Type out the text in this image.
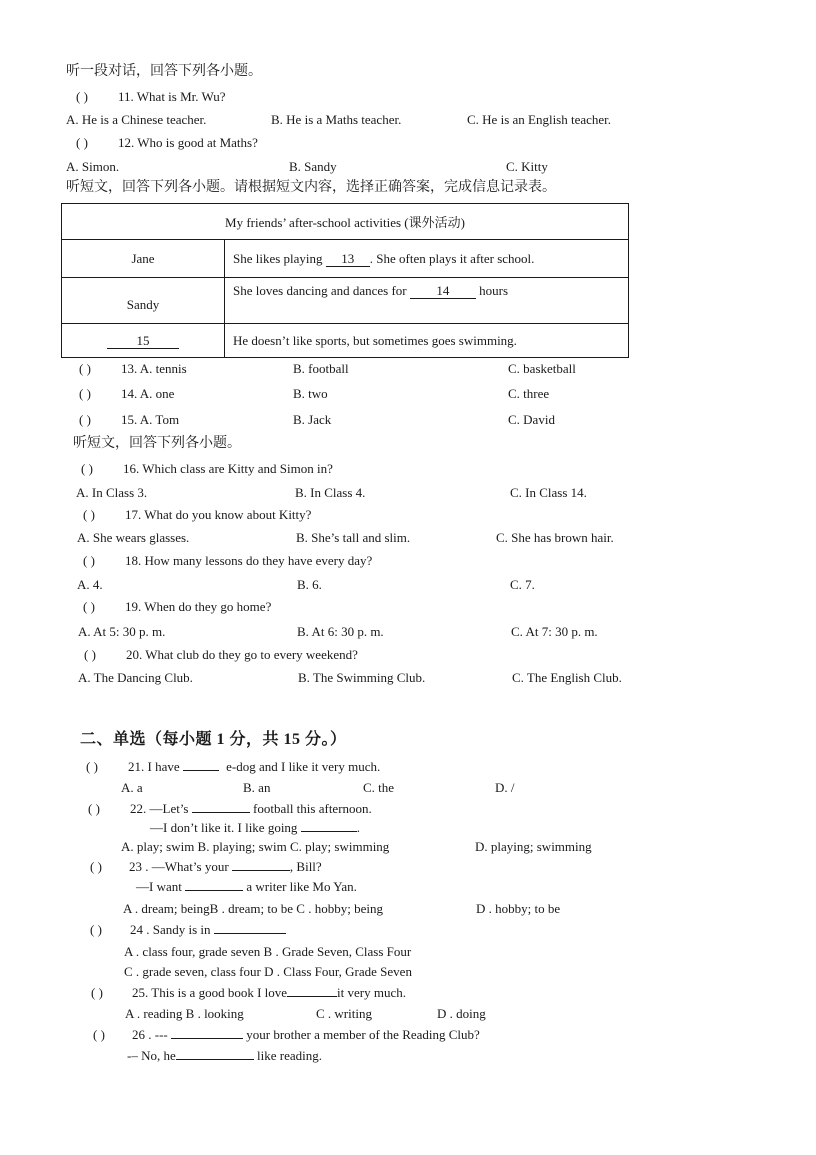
听一段对话，回答下列各小题。
( ) 11. What is Mr. Wu?
A. He is a Chinese teacher.	B. He is a Maths teacher.	C. He is an English teacher.
( ) 12. Who is good at Maths?
A. Simon.	B. Sandy	C. Kitty
听短文，回答下列各小题。请根据短文内容，选择正确答案，完成信息记录表。
My friends’ after-school activities (课外活动)	
Jane	She likes playing 13 . She often plays it after school.
Sandy	She loves dancing and dances for 14 hours
15	He doesn’t like sports, but sometimes goes swimming.
( ) 13. A. tennis	B. football	C. basketball
( ) 14. A. one	B. two	C. three
( ) 15. A. Tom	B. Jack	C. David
听短文，回答下列各小题。
( ) 16. Which class are Kitty and Simon in?
A. In Class 3.	B. In Class 4.	C. In Class 14.
( ) 17. What do you know about Kitty?
A. She wears glasses.	B. She’s tall and slim.	C. She has brown hair.
( ) 18. How many lessons do they have every day?
A. 4.	B. 6.	C. 7.
( ) 19. When do they go home?
A. At 5: 30 p. m.	B. At 6: 30 p. m.	C. At 7: 30 p. m.
( ) 20. What club do they go to every weekend?
A. The Dancing Club.	B. The Swimming Club.	C. The English Club.
二、单选（每小题 1 分，共 15 分。）
( ) 21. I have	e-dog and I like it very much.
A. a	B. an	C. the	D. /
( ) 22. —Let’s	football this afternoon.
—I don’t like it. I like going	.
A. play; swim B. playing; swim C. play; swimming	D. playing; swimming
( ) 23 . —What’s your	, Bill?
—I want	a writer like Mo Yan.
A . dream; beingB . dream; to be C . hobby; being	D . hobby; to be
( ) 24 . Sandy is in
A . class four, grade seven B . Grade Seven, Class Four
C . grade seven, class four D . Class Four, Grade Seven
( ) 25. This is a good book I love	it very much.
A . reading B . looking	C . writing	D . doing
( ) 26 . ---	your brother a member of the Reading Club?
-– No, he	like reading.
